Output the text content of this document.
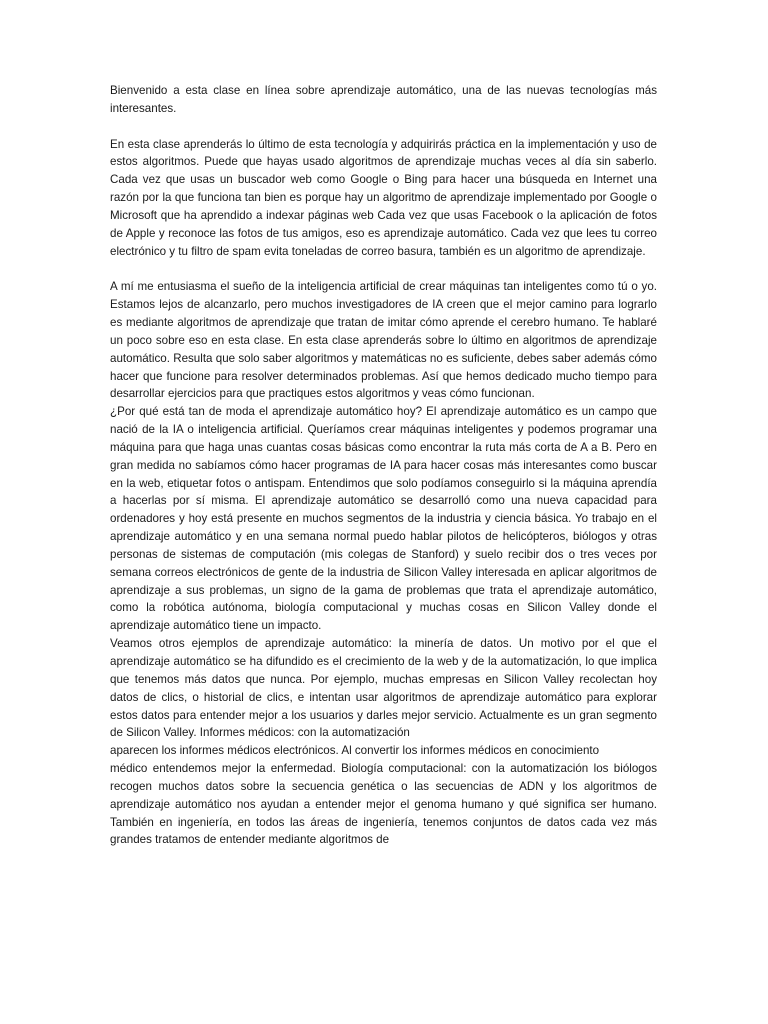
Bienvenido a esta clase en línea sobre aprendizaje automático, una de las nuevas tecnologías más interesantes.

En esta clase aprenderás lo último de esta tecnología y adquirirás práctica en la implementación y uso de estos algoritmos. Puede que hayas usado algoritmos de aprendizaje muchas veces al día sin saberlo. Cada vez que usas un buscador web como Google o Bing para hacer una búsqueda en Internet una razón por la que funciona tan bien es porque hay un algoritmo de aprendizaje implementado por Google o Microsoft que ha aprendido a indexar páginas web Cada vez que usas Facebook o la aplicación de fotos de Apple y reconoce las fotos de tus amigos, eso es aprendizaje automático. Cada vez que lees tu correo electrónico y tu filtro de spam evita toneladas de correo basura, también es un algoritmo de aprendizaje.

A mí me entusiasma el sueño de la inteligencia artificial de crear máquinas tan inteligentes como tú o yo. Estamos lejos de alcanzarlo, pero muchos investigadores de IA creen que el mejor camino para lograrlo es mediante algoritmos de aprendizaje que tratan de imitar cómo aprende el cerebro humano. Te hablaré un poco sobre eso en esta clase. En esta clase aprenderás sobre lo último en algoritmos de aprendizaje automático. Resulta que solo saber algoritmos y matemáticas no es suficiente, debes saber además cómo hacer que funcione para resolver determinados problemas. Así que hemos dedicado mucho tiempo para desarrollar ejercicios para que practiques estos algoritmos y veas cómo funcionan.

¿Por qué está tan de moda el aprendizaje automático hoy? El aprendizaje automático es un campo que nació de la IA o inteligencia artificial. Queríamos crear máquinas inteligentes y podemos programar una máquina para que haga unas cuantas cosas básicas como encontrar la ruta más corta de A a B. Pero en gran medida no sabíamos cómo hacer programas de IA para hacer cosas más interesantes como buscar en la web, etiquetar fotos o antispam. Entendimos que solo podíamos conseguirlo si la máquina aprendía a hacerlas por sí misma. El aprendizaje automático se desarrolló como una nueva capacidad para ordenadores y hoy está presente en muchos segmentos de la industria y ciencia básica. Yo trabajo en el aprendizaje automático y en una semana normal puedo hablar pilotos de helicópteros, biólogos y otras personas de sistemas de computación (mis colegas de Stanford) y suelo recibir dos o tres veces por semana correos electrónicos de gente de la industria de Silicon Valley interesada en aplicar algoritmos de aprendizaje a sus problemas, un signo de la gama de problemas que trata el aprendizaje automático, como la robótica autónoma, biología computacional y muchas cosas en Silicon Valley donde el aprendizaje automático tiene un impacto.

Veamos otros ejemplos de aprendizaje automático: la minería de datos. Un motivo por el que el aprendizaje automático se ha difundido es el crecimiento de la web y de la automatización, lo que implica que tenemos más datos que nunca. Por ejemplo, muchas empresas en Silicon Valley recolectan hoy datos de clics, o historial de clics, e intentan usar algoritmos de aprendizaje automático para explorar estos datos para entender mejor a los usuarios y darles mejor servicio. Actualmente es un gran segmento de Silicon Valley. Informes médicos: con la automatización

aparecen los informes médicos electrónicos. Al convertir los informes médicos en conocimiento

médico entendemos mejor la enfermedad. Biología computacional: con la automatización los biólogos recogen muchos datos sobre la secuencia genética o las secuencias de ADN y los algoritmos de aprendizaje automático nos ayudan a entender mejor el genoma humano y qué significa ser humano. También en ingeniería, en todos las áreas de ingeniería, tenemos conjuntos de datos cada vez más grandes tratamos de entender mediante algoritmos de
